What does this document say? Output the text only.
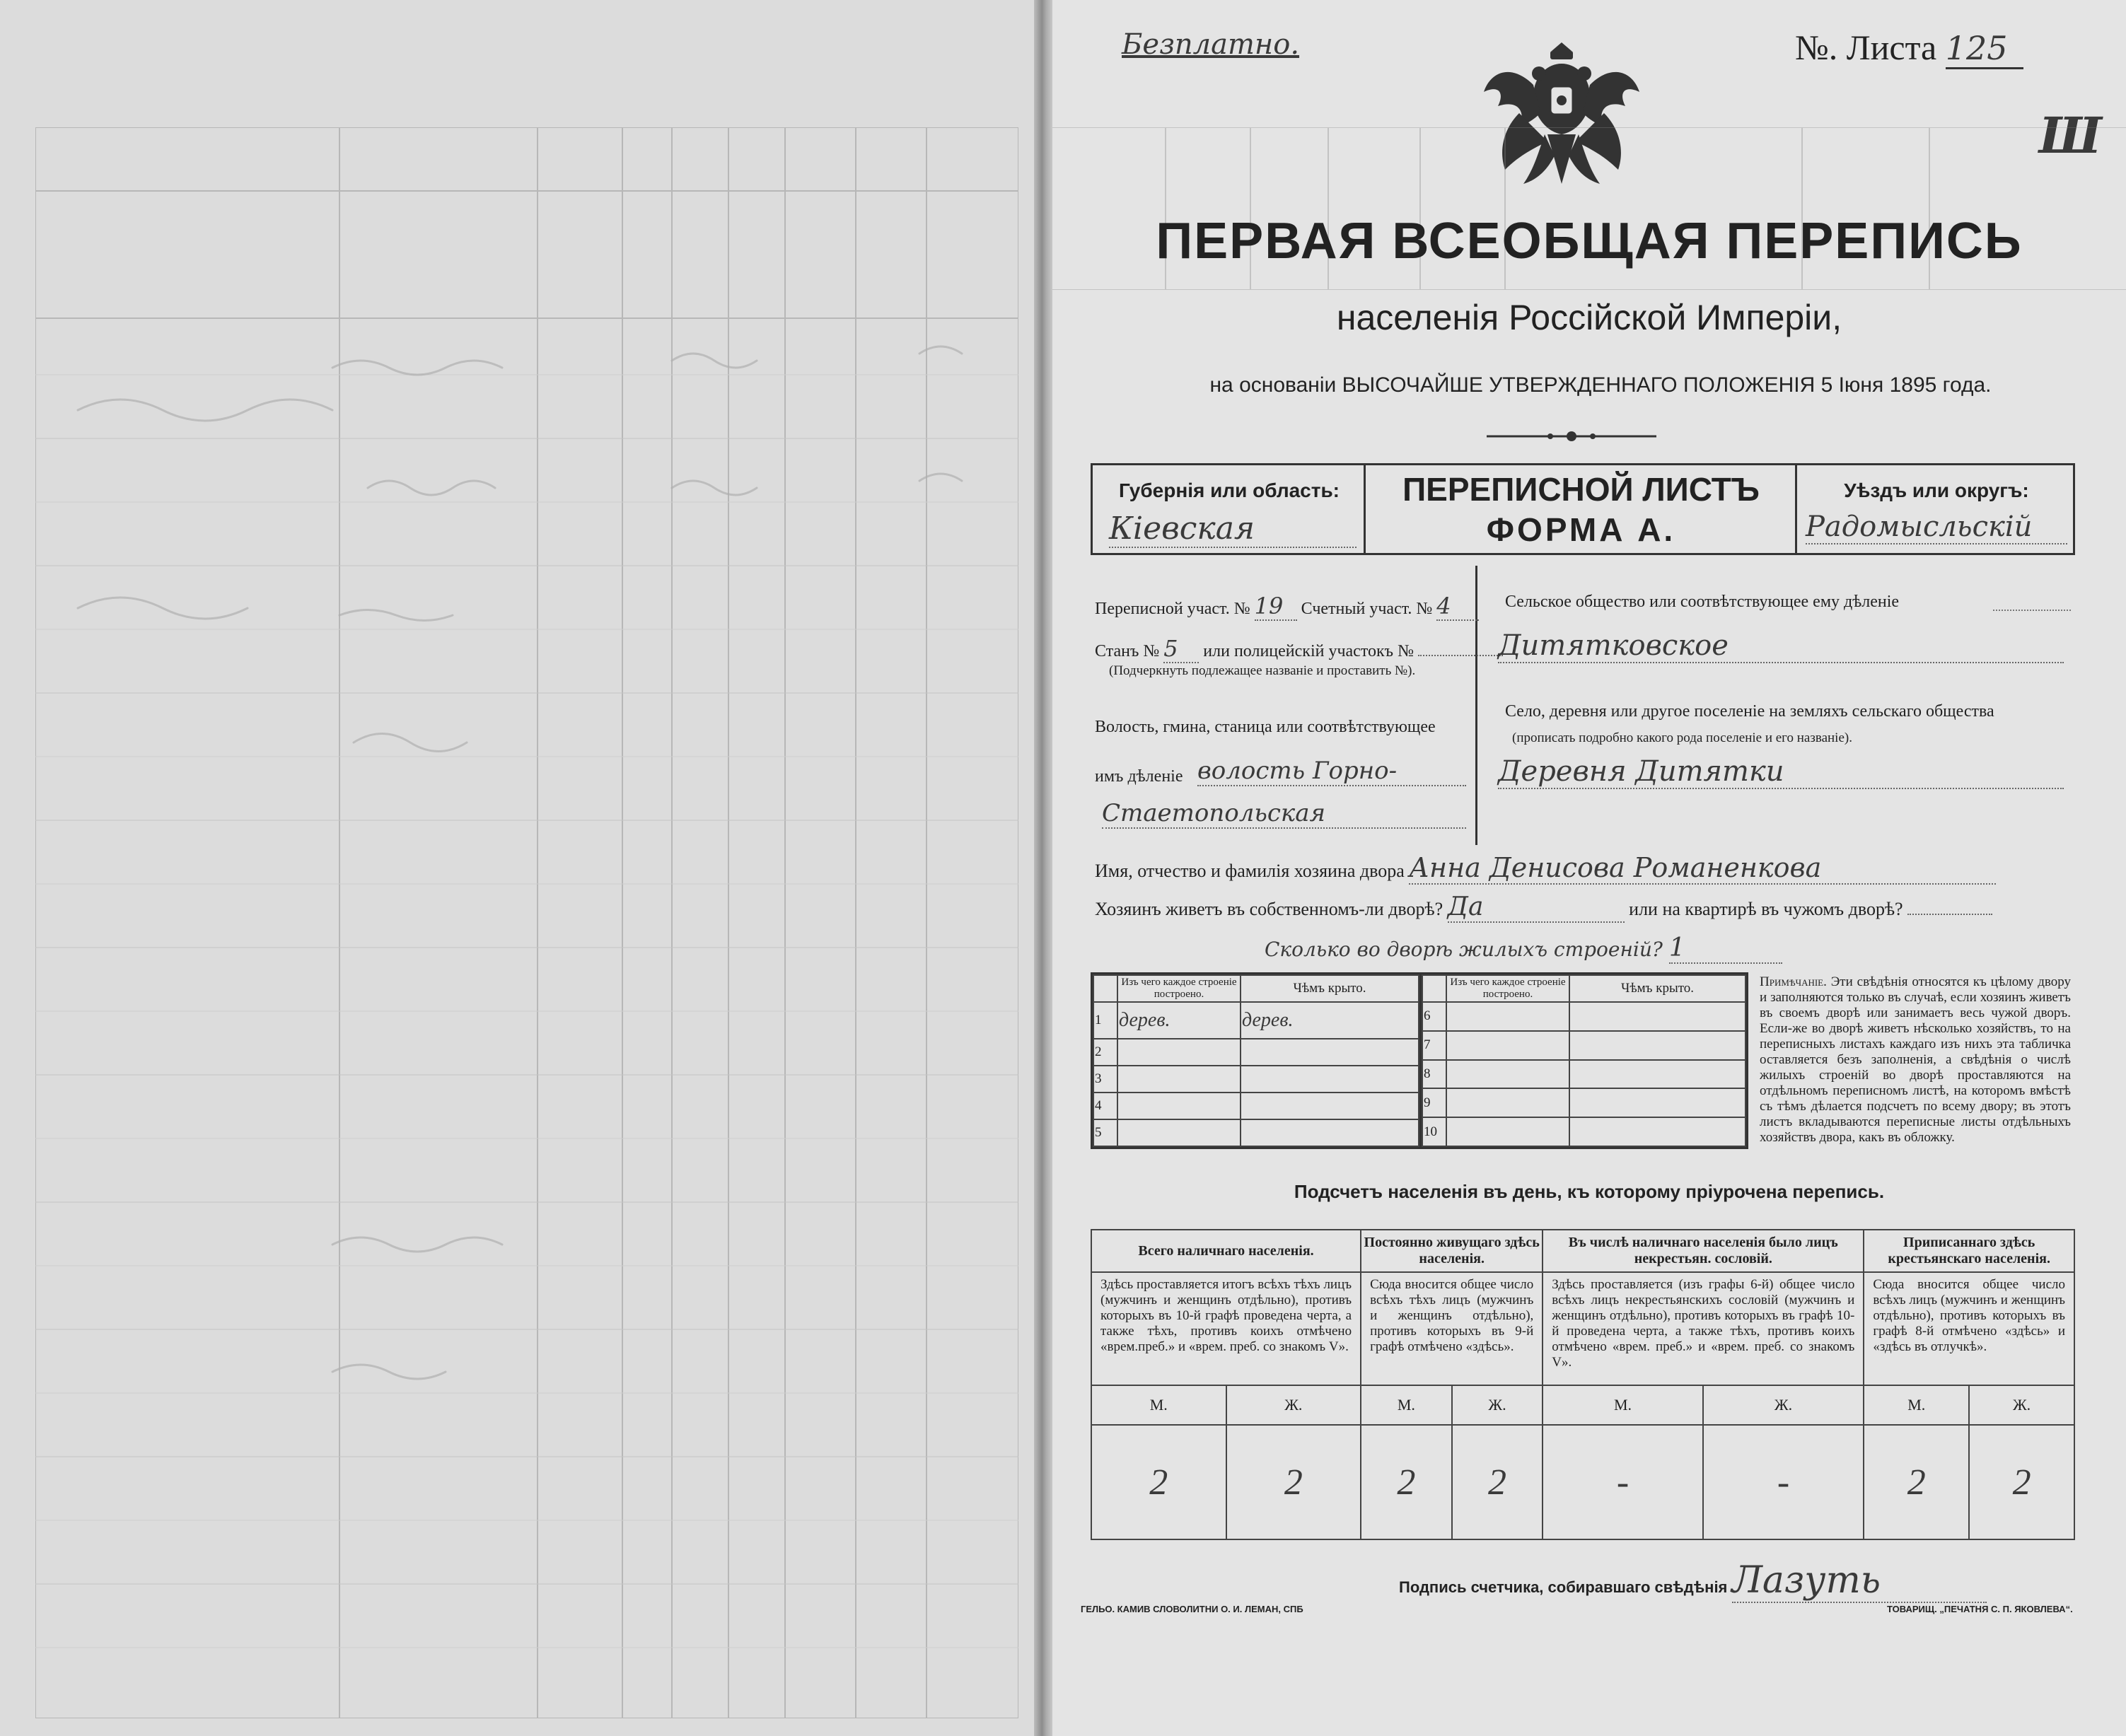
Безплатно.	№. Листа 125
Ш
ПЕРВАЯ ВСЕОБЩАЯ ПЕРЕПИСЬ
населенія Россійской Имперіи,
на основаніи ВЫСОЧАЙШЕ УТВЕРЖДЕННАГО ПОЛОЖЕНІЯ 5 Іюня 1895 года.
Губернія или область:
Кіевская
ПЕРЕПИСНОЙ ЛИСТЪ
ФОРМА А.
Уѣздъ или округъ:
Радомысльскій
Переписной участ. № 19 Счетный участ. № 4
Станъ № 5 или полицейскій участокъ №
(Подчеркнуть подлежащее названіе и проставить №).
Волость, гмина, станица или соотвѣтствующее
имъ дѣленіе волость Горно-
Стаетопольская
Сельское общество или соотвѣтствующее ему дѣленіе
Дитятковское
Село, деревня или другое поселеніе на земляхъ сельскаго общества
(прописать подробно какого рода поселеніе и его названіе).
Деревня Дитятки
Имя, отчество и фамилія хозяина двора Анна Денисова Романенкова
Хозяинъ живетъ въ собственномъ-ли дворѣ? Да	или на квартирѣ въ чужомъ дворѣ?
Сколько во дворѣ жилыхъ строеній? 1
	Изъ чего каждое строеніе построено.	Чѣмъ крыто.
1	дерев.	дерев.
2		
3		
4		
5		
	Изъ чего каждое строеніе построено.	Чѣмъ крыто.
6		
7		
8		
9		
10		
Примѣчаніе. Эти свѣдѣнія относятся къ цѣлому двору и заполняются только въ случаѣ, если хозяинъ живетъ въ своемъ дворѣ или занимаетъ весь чужой дворъ. Если-же во дворѣ живетъ нѣсколько хозяйствъ, то на переписныхъ листахъ каждаго изъ нихъ эта табличка оставляется безъ заполненія, а свѣдѣнія о числѣ жилыхъ строеній во дворѣ проставляются на отдѣльномъ переписномъ листѣ, на которомъ вмѣстѣ съ тѣмъ дѣлается подсчетъ по всему двору; въ этотъ листъ вкладываются переписные листы отдѣльныхъ хозяйствъ двора, какъ въ обложку.
Подсчетъ населенія въ день, къ которому пріурочена перепись.
Всего наличнаго населенія.		Постоянно живущаго здѣсь населенія.		Въ числѣ наличнаго населенія было лицъ некрестьян. сословій.		Приписаннаго здѣсь крестьянскаго населенія.	
Здѣсь проставляется итогъ всѣхъ тѣхъ лицъ (мужчинъ и женщинъ отдѣльно), противъ которыхъ въ 10-й графѣ проведена черта, а также тѣхъ, противъ коихъ отмѣчено «врем.преб.» и «врем. преб. со знакомъ V».		Сюда вносится общее число всѣхъ тѣхъ лицъ (мужчинъ и женщинъ отдѣльно), противъ которыхъ въ 9-й графѣ отмѣчено «здѣсь».		Здѣсь проставляется (изъ графы 6-й) общее число всѣхъ лицъ некрестьянскихъ сословій (мужчинъ и женщинъ отдѣльно), противъ которыхъ въ графѣ 10-й проведена черта, а также тѣхъ, противъ коихъ отмѣчено «врем. преб.» и «врем. преб. со знакомъ V».		Сюда вносится общее число всѣхъ лицъ (мужчинъ и женщинъ отдѣльно), противъ которыхъ въ графѣ 8-й отмѣчено «здѣсь» и «здѣсь въ отлучкѣ».	
М.	Ж.	М.	Ж.	М.	Ж.	М.	Ж.
2	2	2	2	-	-	2	2
Подпись счетчика, собиравшаго свѣдѣнія Лазуть
ГЕЛЬО. КАМИВ СЛОВОЛИТНИ О. И. ЛЕМАН, СПБ	ТОВАРИЩ. „ПЕЧАТНЯ С. П. ЯКОВЛЕВА“.
